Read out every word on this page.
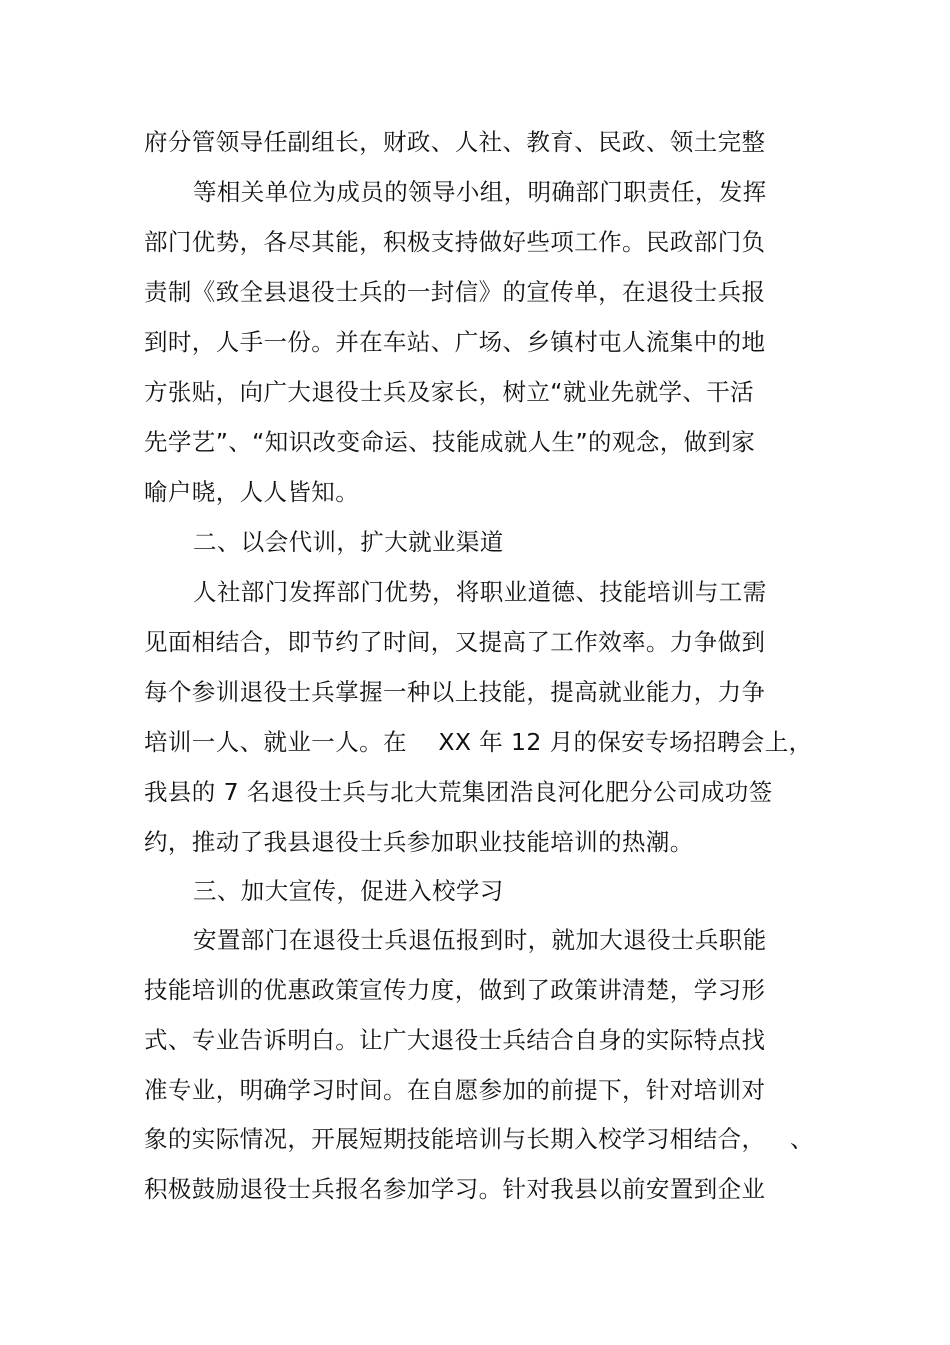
府分管领导任副组长，财政、人社、教育、民政、领土完整
等相关单位为成员的领导小组，明确部门职责任，发挥
部门优势，各尽其能，积极支持做好些项工作。民政部门负
责制《致全县退役士兵的一封信》的宣传单，在退役士兵报
到时，人手一份。并在车站、广场、乡镇村屯人流集中的地
方张贴，向广大退役士兵及家长，树立“就业先就学、干活
先学艺”、“知识改变命运、技能成就人生”的观念，做到家
喻户晓，人人皆知。
二、以会代训，扩大就业渠道
人社部门发挥部门优势，将职业道德、技能培训与工需
见面相结合，即节约了时间，又提高了工作效率。力争做到
每个参训退役士兵掌握一种以上技能，提高就业能力，力争
培训一人、就业一人。在    XX 年 12 月的保安专场招聘会上，
我县的 7 名退役士兵与北大荒集团浩良河化肥分公司成功签
约，推动了我县退役士兵参加职业技能培训的热潮。
三、加大宣传，促进入校学习
安置部门在退役士兵退伍报到时，就加大退役士兵职能
技能培训的优惠政策宣传力度，做到了政策讲清楚，学习形
式、专业告诉明白。让广大退役士兵结合自身的实际特点找
准专业，明确学习时间。在自愿参加的前提下，针对培训对
象的实际情况，开展短期技能培训与长期入校学习相结合， 、
积极鼓励退役士兵报名参加学习。针对我县以前安置到企业
